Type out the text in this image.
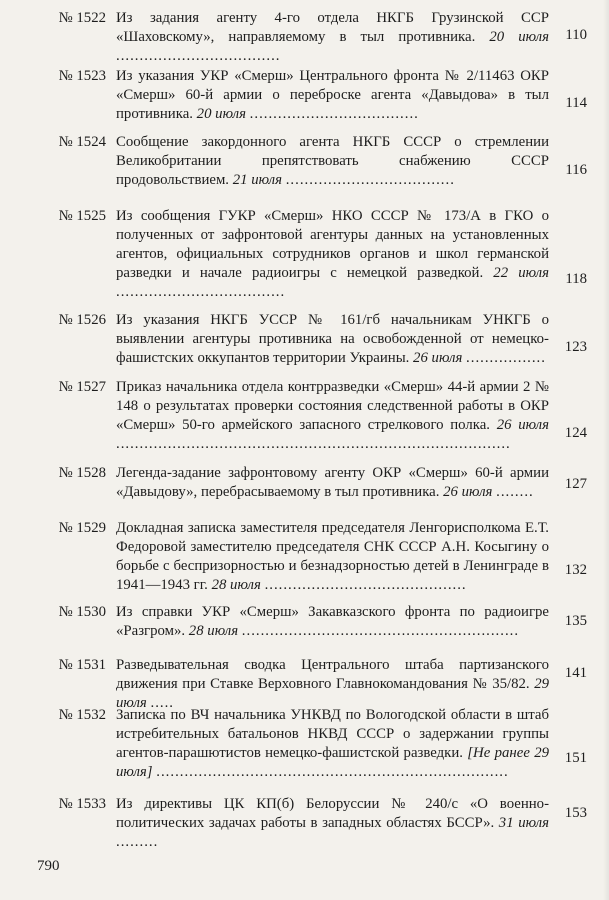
№ 1522 Из задания агенту 4-го отдела НКГБ Грузинской ССР «Шаховскому», направляемому в тыл противника. 20 июля ...................................
110
№ 1523 Из указания УКР «Смерш» Центрального фронта № 2/11463 ОКР «Смерш» 60-й армии о переброске агента «Давыдова» в тыл противника. 20 июля ....................................
114
№ 1524 Сообщение закордонного агента НКГБ СССР о стремлении Великобритании препятствовать снабжению СССР продовольствием. 21 июля ....................................
116
№ 1525 Из сообщения ГУКР «Смерш» НКО СССР № 173/А в ГКО о полученных от зафронтовой агентуры данных на установленных агентов, официальных сотрудников органов и школ германской разведки и начале радиоигры с немецкой разведкой. 22 июля ....................................
118
№ 1526 Из указания НКГБ УССР № 161/гб начальникам УНКГБ о выявлении агентуры противника на освобожденной от немецко-фашистских оккупантов территории Украины. 26 июля .................
123
№ 1527 Приказ начальника отдела контрразведки «Смерш» 44-й армии 2 № 148 о результатах проверки состояния следственной работы в ОКР «Смерш» 50-го армейского запасного стрелкового полка. 26 июля ....................................................................................
124
№ 1528 Легенда-задание зафронтовому агенту ОКР «Смерш» 60-й армии «Давыдову», перебрасываемому в тыл противника. 26 июля ........	127
№ 1529 Докладная записка заместителя председателя Ленгорисполкома Е.Т. Федоровой заместителю председателя СНК СССР А.Н. Косыгину о борьбе с беспризорностью и безнадзорностью детей в Ленинграде в 1941—1943 гг. 28 июля ...........................................
132
№ 1530 Из справки УКР «Смерш» Закавказского фронта по радиоигре «Разгром». 28 июля ...........................................................
135
№ 1531 Разведывательная сводка Центрального штаба партизанского движения при Ставке Верховного Главнокомандования № 35/82. 29 июля .....
141
№ 1532 Записка по ВЧ начальника УНКВД по Вологодской области в штаб истребительных батальонов НКВД СССР о задержании группы агентов-парашютистов немецко-фашистской разведки. [Не ранее 29 июля] ...........................................................................
151
№ 1533 Из директивы ЦК КП(б) Белоруссии № 240/с «О военно-политических задачах работы в западных областях БССР». 31 июля .........
153
790
